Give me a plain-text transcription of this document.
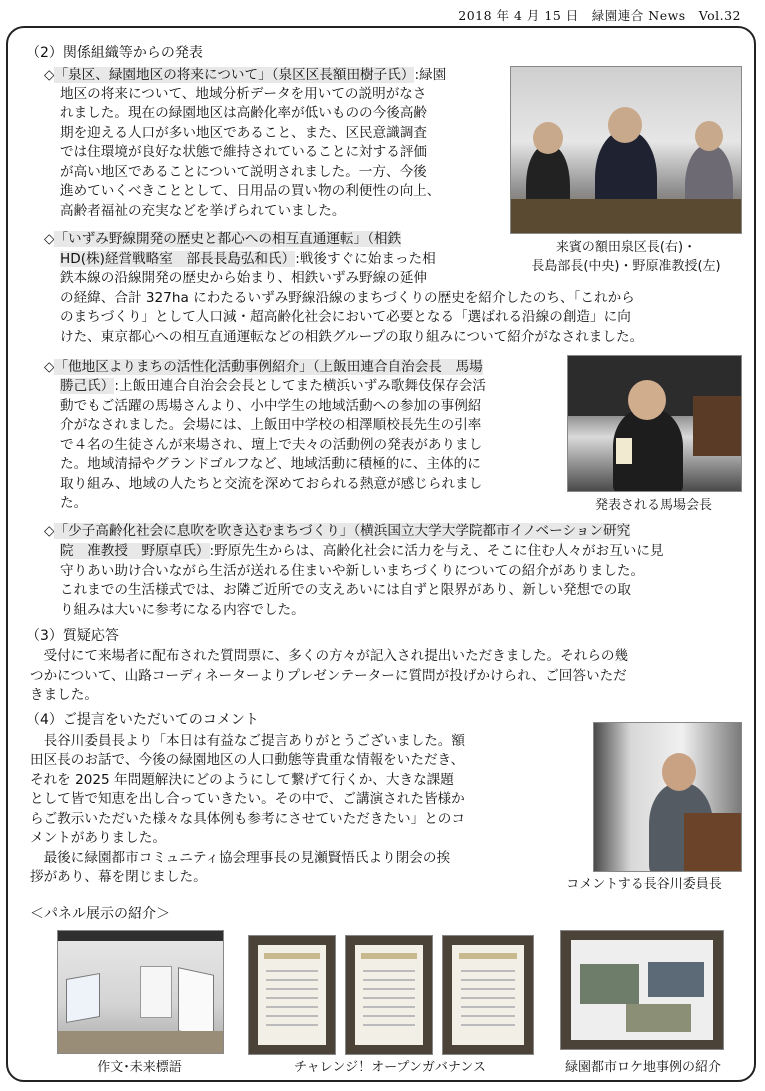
2018 年 4 月 15 日　緑園連合 News　Vol.32

（2）関係組織等からの発表

◇「泉区、緑園地区の将来について」（泉区区長額田樹子氏）:緑園

地区の将来について、地域分析データを用いての説明がなさ

れました。現在の緑園地区は高齢化率が低いものの今後高齢

期を迎える人口が多い地区であること、また、区民意識調査

では住環境が良好な状態で維持されていることに対する評価

が高い地区であることについて説明されました。一方、今後

進めていくべきこととして、日用品の買い物の利便性の向上、

高齢者福祉の充実などを挙げられていました。

来賓の額田泉区長(右)・
長島部長(中央)・野原准教授(左)

◇「いずみ野線開発の歴史と都心への相互直通運転」（相鉄

HD(株)経営戦略室　部長長島弘和氏）:戦後すぐに始まった相

鉄本線の沿線開発の歴史から始まり、相鉄いずみ野線の延伸

の経緯、合計 327ha にわたるいずみ野線沿線のまちづくりの歴史を紹介したのち、「これから

のまちづくり」として人口減・超高齢化社会において必要となる「選ばれる沿線の創造」に向

けた、東京都心への相互直通運転などの相鉄グループの取り組みについて紹介がなされました。

◇「他地区よりまちの活性化活動事例紹介」（上飯田連合自治会長　馬場

勝己氏）:上飯田連合自治会会長としてまた横浜いずみ歌舞伎保存会活

動でもご活躍の馬場さんより、小中学生の地域活動への参加の事例紹

介がなされました。会場には、上飯田中学校の相澤順校長先生の引率

で４名の生徒さんが来場され、壇上で夫々の活動例の発表がありまし

た。地域清掃やグランドゴルフなど、地域活動に積極的に、主体的に

取り組み、地域の人たちと交流を深めておられる熱意が感じられまし

た。	発表される馬場会長

◇「少子高齢化社会に息吹を吹き込むまちづくり」（横浜国立大学大学院都市イノベーション研究

院　准教授　野原卓氏）:野原先生からは、高齢化社会に活力を与え、そこに住む人々がお互いに見

守りあい助け合いながら生活が送れる住まいや新しいまちづくりについての紹介がありました。

これまでの生活様式では、お隣ご近所での支えあいには自ずと限界があり、新しい発想での取

り組みは大いに参考になる内容でした。

（3）質疑応答

　受付にて来場者に配布された質問票に、多くの方々が記入され提出いただきました。それらの幾

つかについて、山路コーディネーターよりプレゼンテーターに質問が投げかけられ、ご回答いただ

きました。

（4）ご提言をいただいてのコメント

　長谷川委員長より「本日は有益なご提言ありがとうございました。額

田区長のお話で、今後の緑園地区の人口動態等貴重な情報をいただき、

それを 2025 年問題解決にどのようにして繋げて行くか、大きな課題

として皆で知恵を出し合っていきたい。その中で、ご講演された皆様か

らご教示いただいた様々な具体例も参考にさせていただきたい」とのコ

メントがありました。

　最後に緑園都市コミュニティ協会理事長の見瀬賢悟氏より閉会の挨

拶があり、幕を閉じました。	コメントする長谷川委員長

＜パネル展示の紹介＞

作文･未来標語	チャレンジ！オープンガバナンス	緑園都市ロケ地事例の紹介
